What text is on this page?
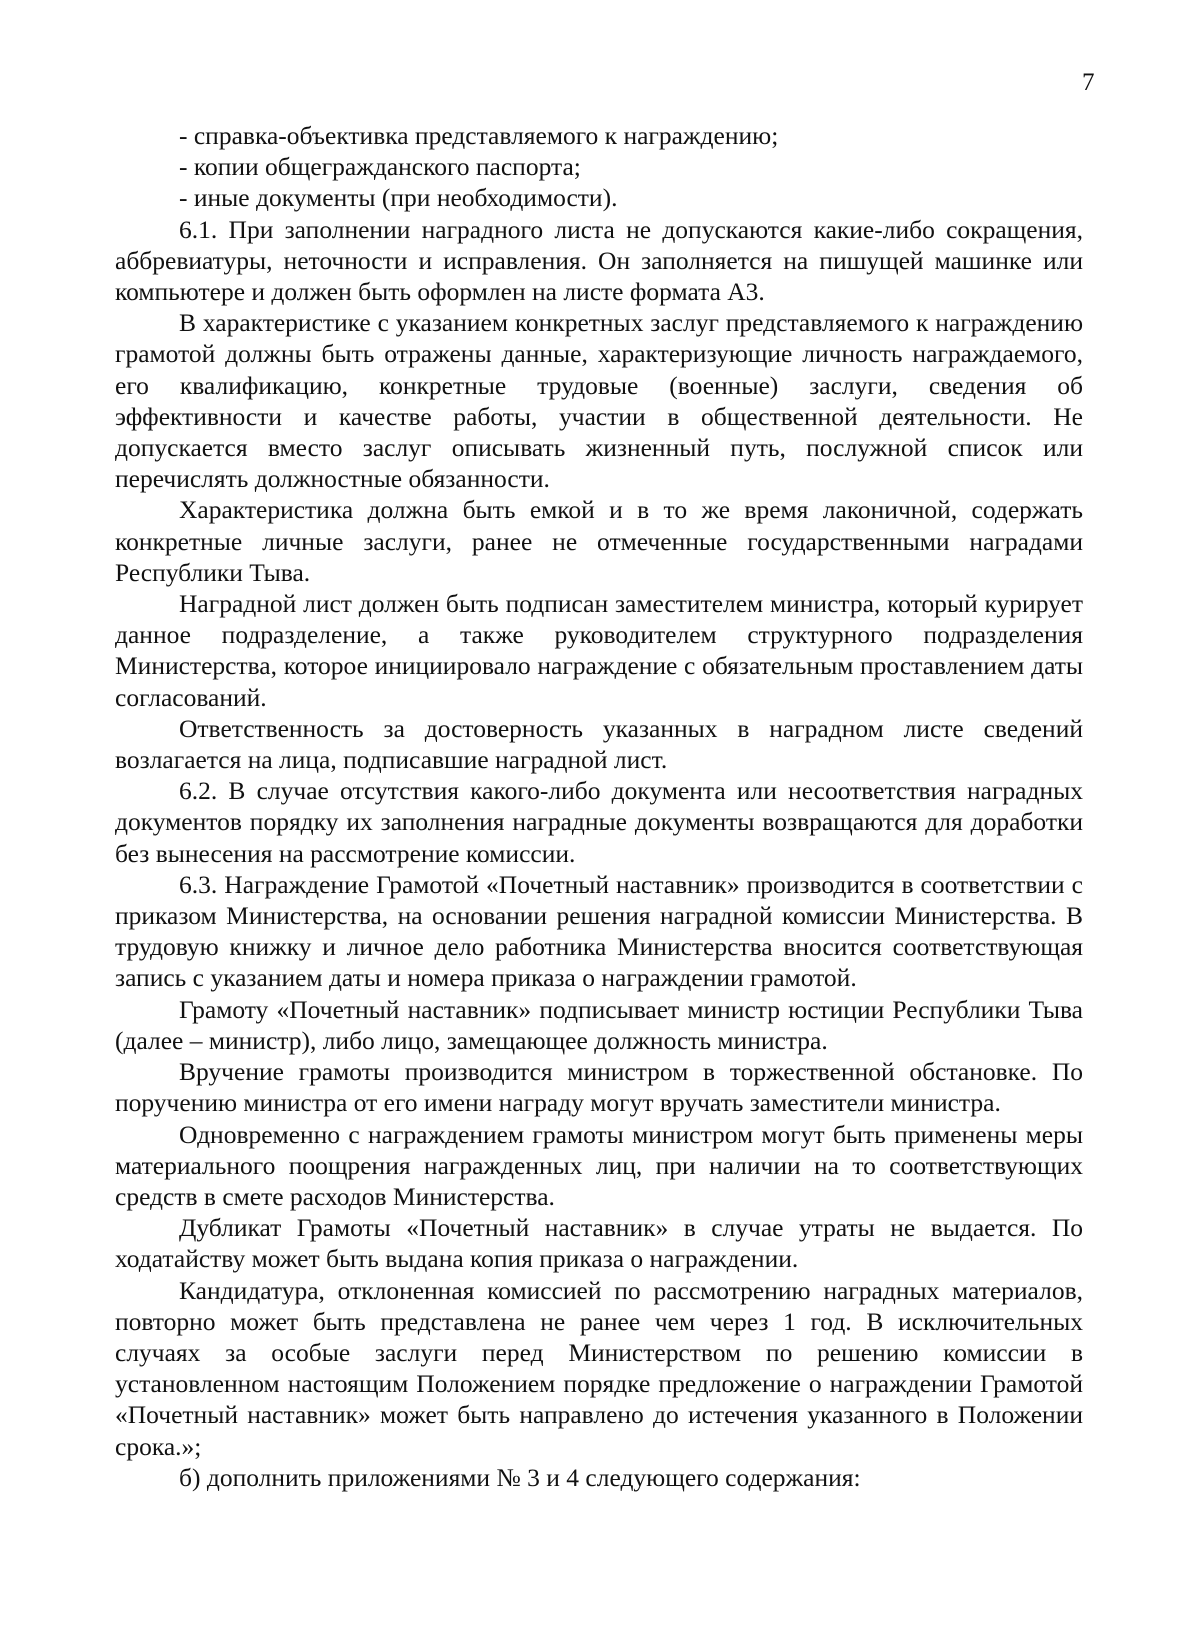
7

- справка-объективка представляемого к награждению;

- копии общегражданского паспорта;

- иные документы (при необходимости).

6.1. При заполнении наградного листа не допускаются какие-либо сокращения, аббревиатуры, неточности и исправления. Он заполняется на пишущей машинке или компьютере и должен быть оформлен на листе формата А3.

В характеристике с указанием конкретных заслуг представляемого к награждению грамотой должны быть отражены данные, характеризующие личность награждаемого, его квалификацию, конкретные трудовые (военные) заслуги, сведения об эффективности и качестве работы, участии в общественной деятельности. Не допускается вместо заслуг описывать жизненный путь, послужной список или перечислять должностные обязанности.

Характеристика должна быть емкой и в то же время лаконичной, содержать конкретные личные заслуги, ранее не отмеченные государственными наградами Республики Тыва.

Наградной лист должен быть подписан заместителем министра, который курирует данное подразделение, а также руководителем структурного подразделения Министерства, которое инициировало награждение с обязательным проставлением даты согласований.

Ответственность за достоверность указанных в наградном листе сведений возлагается на лица, подписавшие наградной лист.

6.2. В случае отсутствия какого-либо документа или несоответствия наградных документов порядку их заполнения наградные документы возвращаются для доработки без вынесения на рассмотрение комиссии.

6.3. Награждение Грамотой «Почетный наставник» производится в соответствии с приказом Министерства, на основании решения наградной комиссии Министерства. В трудовую книжку и личное дело работника Министерства вносится соответствующая запись с указанием даты и номера приказа о награждении грамотой.

Грамоту «Почетный наставник» подписывает министр юстиции Республики Тыва (далее – министр), либо лицо, замещающее должность министра.

Вручение грамоты производится министром в торжественной обстановке. По поручению министра от его имени награду могут вручать заместители министра.

Одновременно с награждением грамоты министром могут быть применены меры материального поощрения награжденных лиц, при наличии на то соответствующих средств в смете расходов Министерства.

Дубликат Грамоты «Почетный наставник» в случае утраты не выдается. По ходатайству может быть выдана копия приказа о награждении.

Кандидатура, отклоненная комиссией по рассмотрению наградных материалов, повторно может быть представлена не ранее чем через 1 год. В исключительных случаях за особые заслуги перед Министерством по решению комиссии в установленном настоящим Положением порядке предложение о награждении Грамотой «Почетный наставник» может быть направлено до истечения указанного в Положении срока.»;

б) дополнить приложениями № 3 и 4 следующего содержания:
